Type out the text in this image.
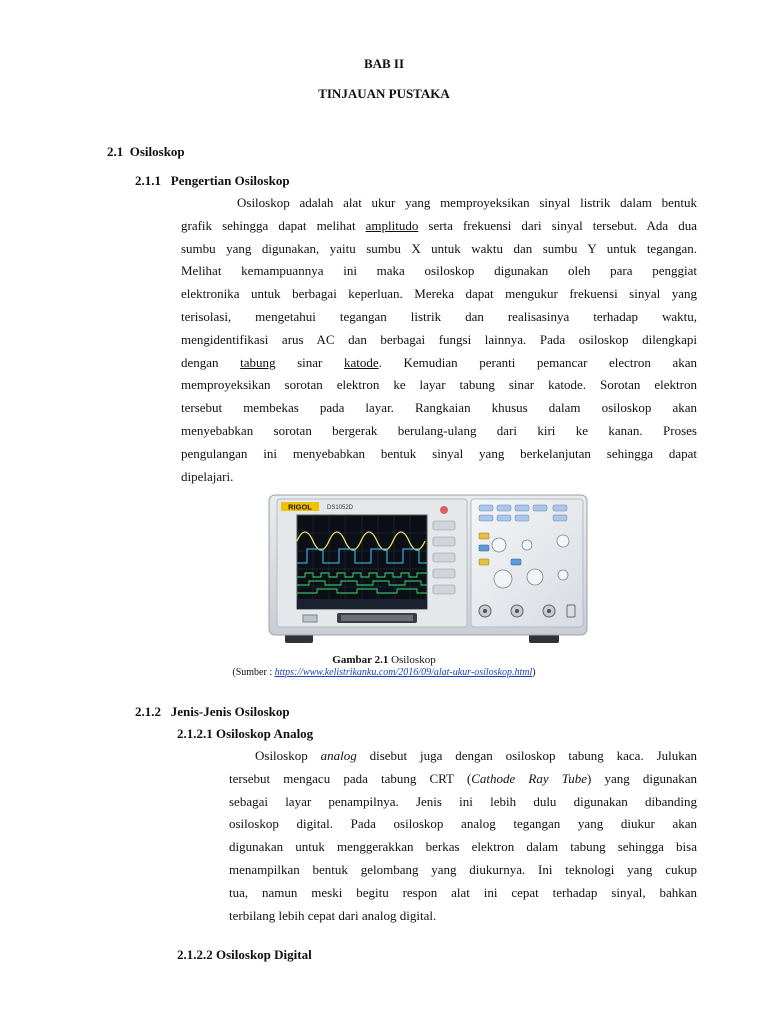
BAB II
TINJAUAN PUSTAKA
2.1 Osiloskop
2.1.1 Pengertian Osiloskop
Osiloskop adalah alat ukur yang memproyeksikan sinyal listrik dalam bentuk
grafik sehingga dapat melihat amplitudo serta frekuensi dari sinyal tersebut. Ada dua
sumbu yang digunakan, yaitu sumbu X untuk waktu dan sumbu Y untuk tegangan.
Melihat kemampuannya ini maka osiloskop digunakan oleh para penggiat
elektronika untuk berbagai keperluan. Mereka dapat mengukur frekuensi sinyal yang
terisolasi, mengetahui tegangan listrik dan realisasinya terhadap waktu,
mengidentifikasi arus AC dan berbagai fungsi lainnya. Pada osiloskop dilengkapi
dengan tabung sinar katode. Kemudian peranti pemancar electron akan
memproyeksikan sorotan elektron ke layar tabung sinar katode. Sorotan elektron
tersebut membekas pada layar. Rangkaian khusus dalam osiloskop akan
menyebabkan sorotan bergerak berulang-ulang dari kiri ke kanan. Proses
pengulangan ini menyebabkan bentuk sinyal yang berkelanjutan sehingga dapat
dipelajari.
RIGOL	DS1052D
Gambar 2.1 Osiloskop
(Sumber : https://www.kelistrikanku.com/2016/09/alat-ukur-osiloskop.html)
2.1.2 Jenis-Jenis Osiloskop
2.1.2.1 Osiloskop Analog
Osiloskop analog disebut juga dengan osiloskop tabung kaca. Julukan
tersebut mengacu pada tabung CRT (Cathode Ray Tube) yang digunakan
sebagai layar penampilnya. Jenis ini lebih dulu digunakan dibanding
osiloskop digital. Pada osiloskop analog tegangan yang diukur akan
digunakan untuk menggerakkan berkas elektron dalam tabung sehingga bisa
menampilkan bentuk gelombang yang diukurnya. Ini teknologi yang cukup
tua, namun meski begitu respon alat ini cepat terhadap sinyal, bahkan
terbilang lebih cepat dari analog digital.
2.1.2.2 Osiloskop Digital
